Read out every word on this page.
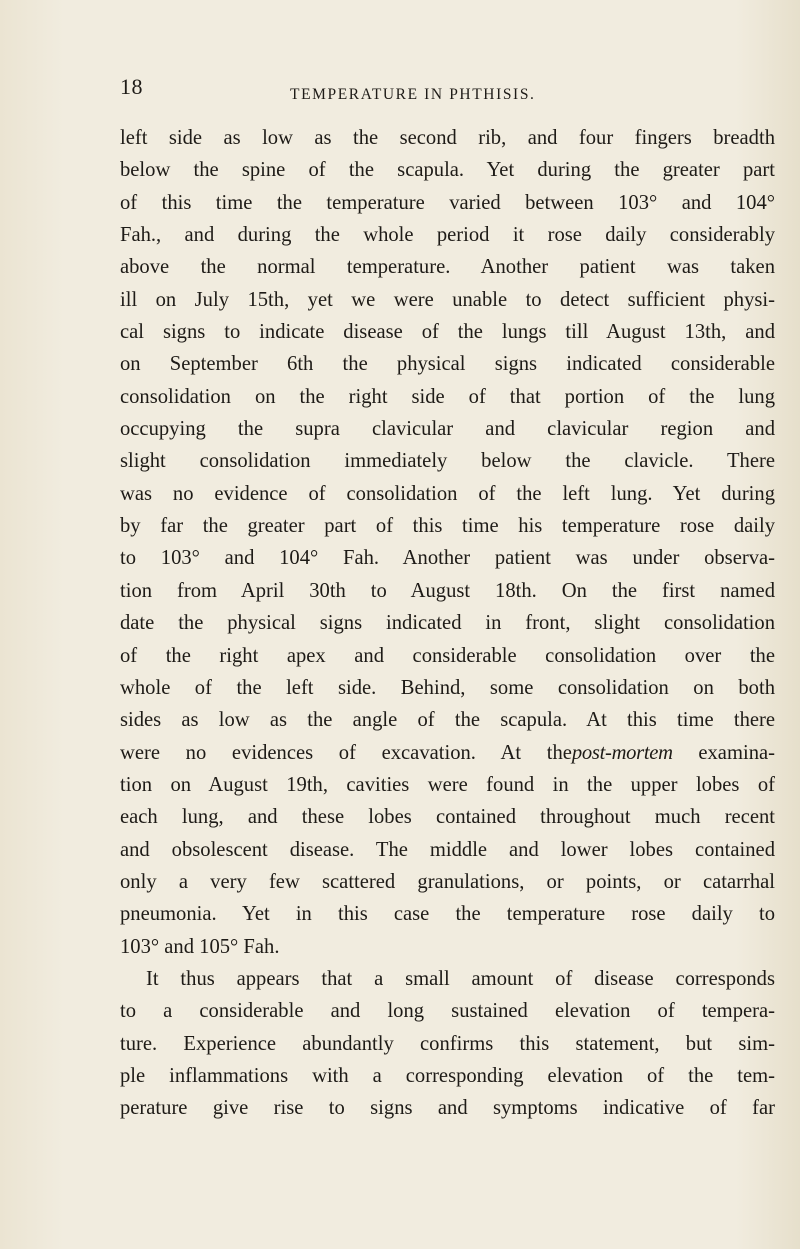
18	TEMPERATURE IN PHTHISIS.
left side as low as the second rib, and four fingers breadth
below the spine of the scapula. Yet during the greater part
of this time the temperature varied between 103° and 104°
Fah., and during the whole period it rose daily considerably
above the normal temperature. Another patient was taken
ill on July 15th, yet we were unable to detect sufficient physi-
cal signs to indicate disease of the lungs till August 13th, and
on September 6th the physical signs indicated considerable
consolidation on the right side of that portion of the lung
occupying the supra clavicular and clavicular region and
slight consolidation immediately below the clavicle. There
was no evidence of consolidation of the left lung. Yet during
by far the greater part of this time his temperature rose daily
to 103° and 104° Fah. Another patient was under observa-
tion from April 30th to August 18th. On the first named
date the physical signs indicated in front, slight consolidation
of the right apex and considerable consolidation over the
whole of the left side. Behind, some consolidation on both
sides as low as the angle of the scapula. At this time there
were no evidences of excavation. At thepost-mortem examina-
tion on August 19th, cavities were found in the upper lobes of
each lung, and these lobes contained throughout much recent
and obsolescent disease. The middle and lower lobes contained
only a very few scattered granulations, or points, or catarrhal
pneumonia. Yet in this case the temperature rose daily to
103° and 105° Fah.
It thus appears that a small amount of disease corresponds
to a considerable and long sustained elevation of tempera-
ture. Experience abundantly confirms this statement, but sim-
ple inflammations with a corresponding elevation of the tem-
perature give rise to signs and symptoms indicative of far
